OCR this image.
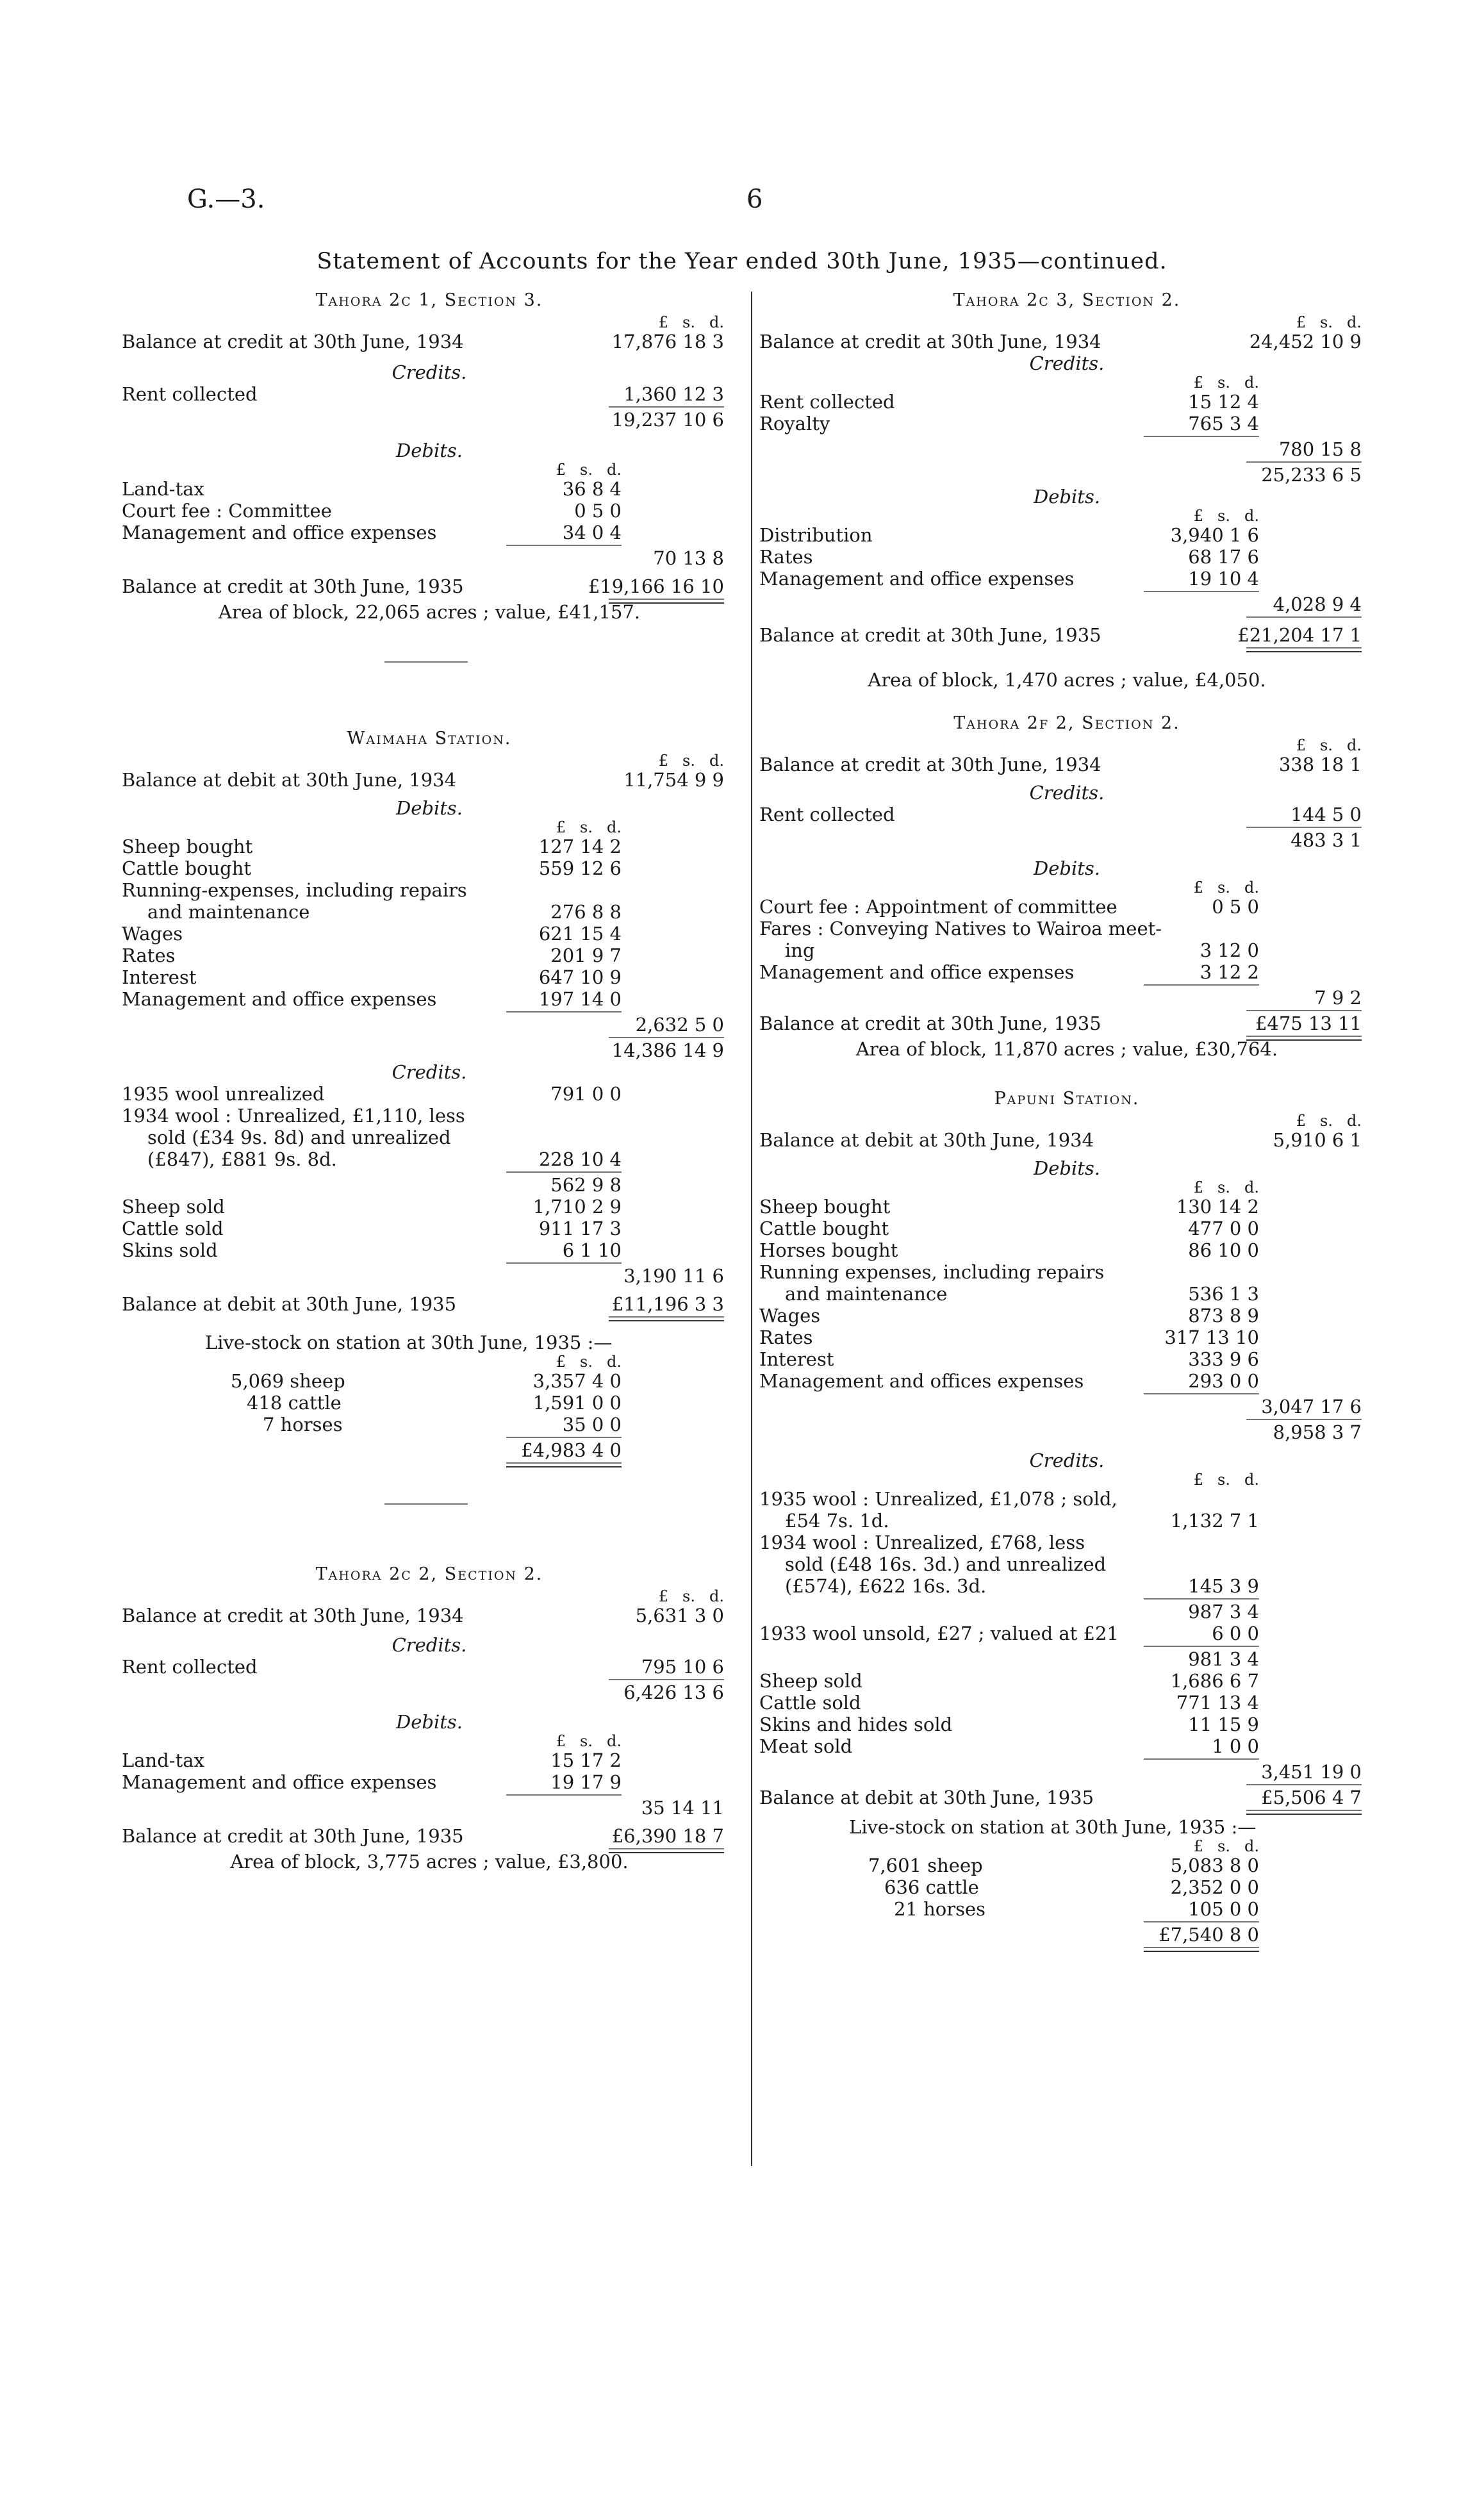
G.—3.	6
Statement of Accounts for the Year ended 30th June, 1935—continued.
Tahora 2c 1, Section 3.
£ s. d.
Balance at credit at 30th June, 1934	17,876 18 3
Credits.
Rent collected	1,360 12 3
19,237 10 6
Debits.
£ s. d.
Land-tax	36 8 4
Court fee : Committee	0 5 0
Management and office expenses	34 0 4
70 13 8
Balance at credit at 30th June, 1935	£19,166 16 10
Area of block, 22,065 acres ; value, £41,157.
Waimaha Station.
£ s. d.
Balance at debit at 30th June, 1934	11,754 9 9
Debits.
£ s. d.
Sheep bought	127 14 2
Cattle bought	559 12 6
Running-expenses, including repairs
and maintenance	276 8 8
Wages	621 15 4
Rates	201 9 7
Interest	647 10 9
Management and office expenses	197 14 0
2,632 5 0
14,386 14 9
Credits.
1935 wool unrealized	791 0 0
1934 wool : Unrealized, £1,110, less
sold (£34 9s. 8d) and unrealized
(£847), £881 9s. 8d.	228 10 4
562 9 8
Sheep sold	1,710 2 9
Cattle sold	911 17 3
Skins sold	6 1 10
3,190 11 6
Balance at debit at 30th June, 1935	£11,196 3 3
Live-stock on station at 30th June, 1935 :—
£ s. d.
5,069 sheep	3,357 4 0
418 cattle	1,591 0 0
7 horses	35 0 0
£4,983 4 0
Tahora 2c 2, Section 2.
£ s. d.
Balance at credit at 30th June, 1934	5,631 3 0
Credits.
Rent collected	795 10 6
6,426 13 6
Debits.
£ s. d.
Land-tax	15 17 2
Management and office expenses	19 17 9
35 14 11
Balance at credit at 30th June, 1935	£6,390 18 7
Area of block, 3,775 acres ; value, £3,800.
Tahora 2c 3, Section 2.
£ s. d.
Balance at credit at 30th June, 1934	24,452 10 9
Credits.
£ s. d.
Rent collected	15 12 4
Royalty	765 3 4
780 15 8
25,233 6 5
Debits.
£ s. d.
Distribution	3,940 1 6
Rates	68 17 6
Management and office expenses	19 10 4
4,028 9 4
Balance at credit at 30th June, 1935	£21,204 17 1
Area of block, 1,470 acres ; value, £4,050.
Tahora 2f 2, Section 2.
£ s. d.
Balance at credit at 30th June, 1934	338 18 1
Credits.
Rent collected	144 5 0
483 3 1
Debits.
£ s. d.
Court fee : Appointment of committee	0 5 0
Fares : Conveying Natives to Wairoa meet-
ing	3 12 0
Management and office expenses	3 12 2
7 9 2
Balance at credit at 30th June, 1935	£475 13 11
Area of block, 11,870 acres ; value, £30,764.
Papuni Station.
£ s. d.
Balance at debit at 30th June, 1934	5,910 6 1
Debits.
£ s. d.
Sheep bought	130 14 2
Cattle bought	477 0 0
Horses bought	86 10 0
Running expenses, including repairs
and maintenance	536 1 3
Wages	873 8 9
Rates	317 13 10
Interest	333 9 6
Management and offices expenses	293 0 0
3,047 17 6
8,958 3 7
Credits.
£ s. d.
1935 wool : Unrealized, £1,078 ; sold,
£54 7s. 1d.	1,132 7 1
1934 wool : Unrealized, £768, less
sold (£48 16s. 3d.) and unrealized
(£574), £622 16s. 3d.	145 3 9
987 3 4
1933 wool unsold, £27 ; valued at £21	6 0 0
981 3 4
Sheep sold	1,686 6 7
Cattle sold	771 13 4
Skins and hides sold	11 15 9
Meat sold	1 0 0
3,451 19 0
Balance at debit at 30th June, 1935	£5,506 4 7
Live-stock on station at 30th June, 1935 :—
£ s. d.
7,601 sheep	5,083 8 0
636 cattle	2,352 0 0
21 horses	105 0 0
£7,540 8 0
